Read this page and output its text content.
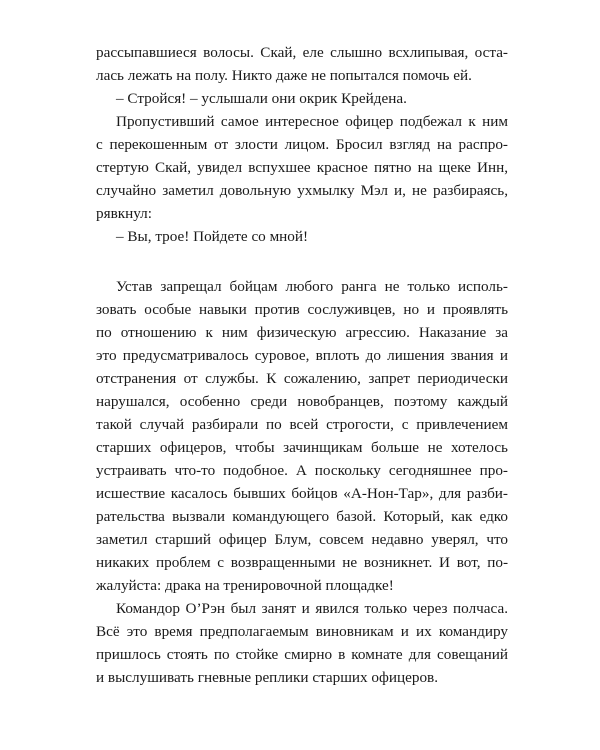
рассыпавшиеся волосы. Скай, еле слышно всхлипывая, оста-
лась лежать на полу. Никто даже не попытался помочь ей.
– Стройся! – услышали они окрик Крейдена.
Пропустивший самое интересное офицер подбежал к ним
с перекошенным от злости лицом. Бросил взгляд на распро-
стертую Скай, увидел вспухшее красное пятно на щеке Инн,
случайно заметил довольную ухмылку Мэл и, не разбираясь,
рявкнул:
– Вы, трое! Пойдете со мной!
Устав запрещал бойцам любого ранга не только исполь-
зовать особые навыки против сослуживцев, но и проявлять
по отношению к ним физическую агрессию. Наказание за
это предусматривалось суровое, вплоть до лишения звания и
отстранения от службы. К сожалению, запрет периодически
нарушался, особенно среди новобранцев, поэтому каждый
такой случай разбирали по всей строгости, с привлечением
старших офицеров, чтобы зачинщикам больше не хотелось
устраивать что-то подобное. А поскольку сегодняшнее про-
исшествие касалось бывших бойцов «А-Нон-Тар», для разби-
рательства вызвали командующего базой. Который, как едко
заметил старший офицер Блум, совсем недавно уверял, что
никаких проблем с возвращенными не возникнет. И вот, по-
жалуйста: драка на тренировочной площадке!
Командор О’Рэн был занят и явился только через полчаса.
Всё это время предполагаемым виновникам и их командиру
пришлось стоять по стойке смирно в комнате для совещаний
и выслушивать гневные реплики старших офицеров.
